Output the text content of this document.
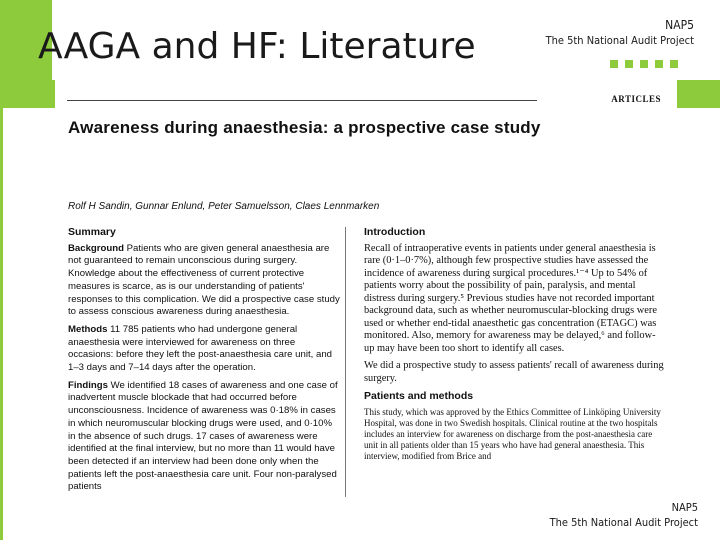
AAGA and HF: Literature
NAP5
The 5th National Audit Project
ARTICLES
Awareness during anaesthesia: a prospective case study
Rolf H Sandin, Gunnar Enlund, Peter Samuelsson, Claes Lennmarken
Summary
Background Patients who are given general anaesthesia are not guaranteed to remain unconscious during surgery. Knowledge about the effectiveness of current protective measures is scarce, as is our understanding of patients' responses to this complication. We did a prospective case study to assess conscious awareness during anaesthesia.
Methods 11 785 patients who had undergone general anaesthesia were interviewed for awareness on three occasions: before they left the post-anaesthesia care unit, and 1–3 days and 7–14 days after the operation.
Findings We identified 18 cases of awareness and one case of inadvertent muscle blockade that had occurred before unconsciousness. Incidence of awareness was 0·18% in cases in which neuromuscular blocking drugs were used, and 0·10% in the absence of such drugs. 17 cases of awareness were identified at the final interview, but no more than 11 would have been detected if an interview had been done only when the patients left the post-anaesthesia care unit. Four non-paralysed patients
Introduction
Recall of intraoperative events in patients under general anaesthesia is rare (0·1–0·7%), although few prospective studies have assessed the incidence of awareness during surgical procedures.¹⁻⁴ Up to 54% of patients worry about the possibility of pain, paralysis, and mental distress during surgery.⁵ Previous studies have not recorded important background data, such as whether neuromuscular-blocking drugs were used or whether end-tidal anaesthetic gas concentration (ETAGC) was monitored. Also, memory for awareness may be delayed,⁶ and follow-up may have been too short to identify all cases.
We did a prospective study to assess patients' recall of awareness during surgery.
Patients and methods
This study, which was approved by the Ethics Committee of Linköping University Hospital, was done in two Swedish hospitals. Clinical routine at the two hospitals includes an interview for awareness on discharge from the post-anaesthesia care unit in all patients older than 15 years who have had general anaesthesia. This interview, modified from Brice and
NAP5
The 5th National Audit Project
